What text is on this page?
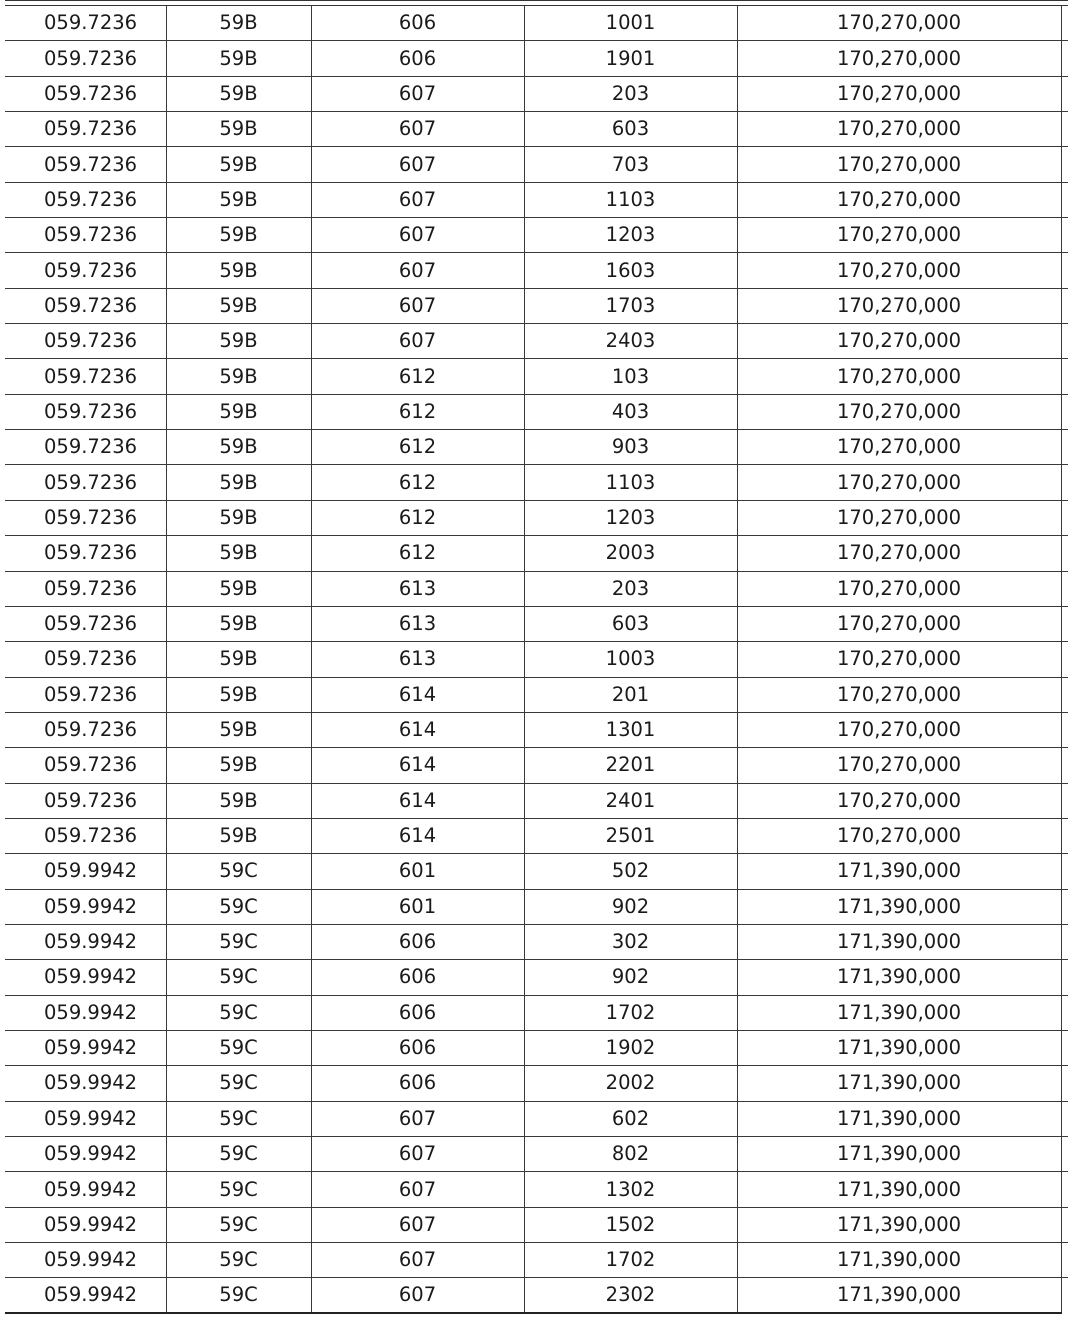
059.7236	59B	606	1001	170,270,000	
059.7236	59B	606	1901	170,270,000	
059.7236	59B	607	203	170,270,000	
059.7236	59B	607	603	170,270,000	
059.7236	59B	607	703	170,270,000	
059.7236	59B	607	1103	170,270,000	
059.7236	59B	607	1203	170,270,000	
059.7236	59B	607	1603	170,270,000	
059.7236	59B	607	1703	170,270,000	
059.7236	59B	607	2403	170,270,000	
059.7236	59B	612	103	170,270,000	
059.7236	59B	612	403	170,270,000	
059.7236	59B	612	903	170,270,000	
059.7236	59B	612	1103	170,270,000	
059.7236	59B	612	1203	170,270,000	
059.7236	59B	612	2003	170,270,000	
059.7236	59B	613	203	170,270,000	
059.7236	59B	613	603	170,270,000	
059.7236	59B	613	1003	170,270,000	
059.7236	59B	614	201	170,270,000	
059.7236	59B	614	1301	170,270,000	
059.7236	59B	614	2201	170,270,000	
059.7236	59B	614	2401	170,270,000	
059.7236	59B	614	2501	170,270,000	
059.9942	59C	601	502	171,390,000	
059.9942	59C	601	902	171,390,000	
059.9942	59C	606	302	171,390,000	
059.9942	59C	606	902	171,390,000	
059.9942	59C	606	1702	171,390,000	
059.9942	59C	606	1902	171,390,000	
059.9942	59C	606	2002	171,390,000	
059.9942	59C	607	602	171,390,000	
059.9942	59C	607	802	171,390,000	
059.9942	59C	607	1302	171,390,000	
059.9942	59C	607	1502	171,390,000	
059.9942	59C	607	1702	171,390,000	
059.9942	59C	607	2302	171,390,000	
